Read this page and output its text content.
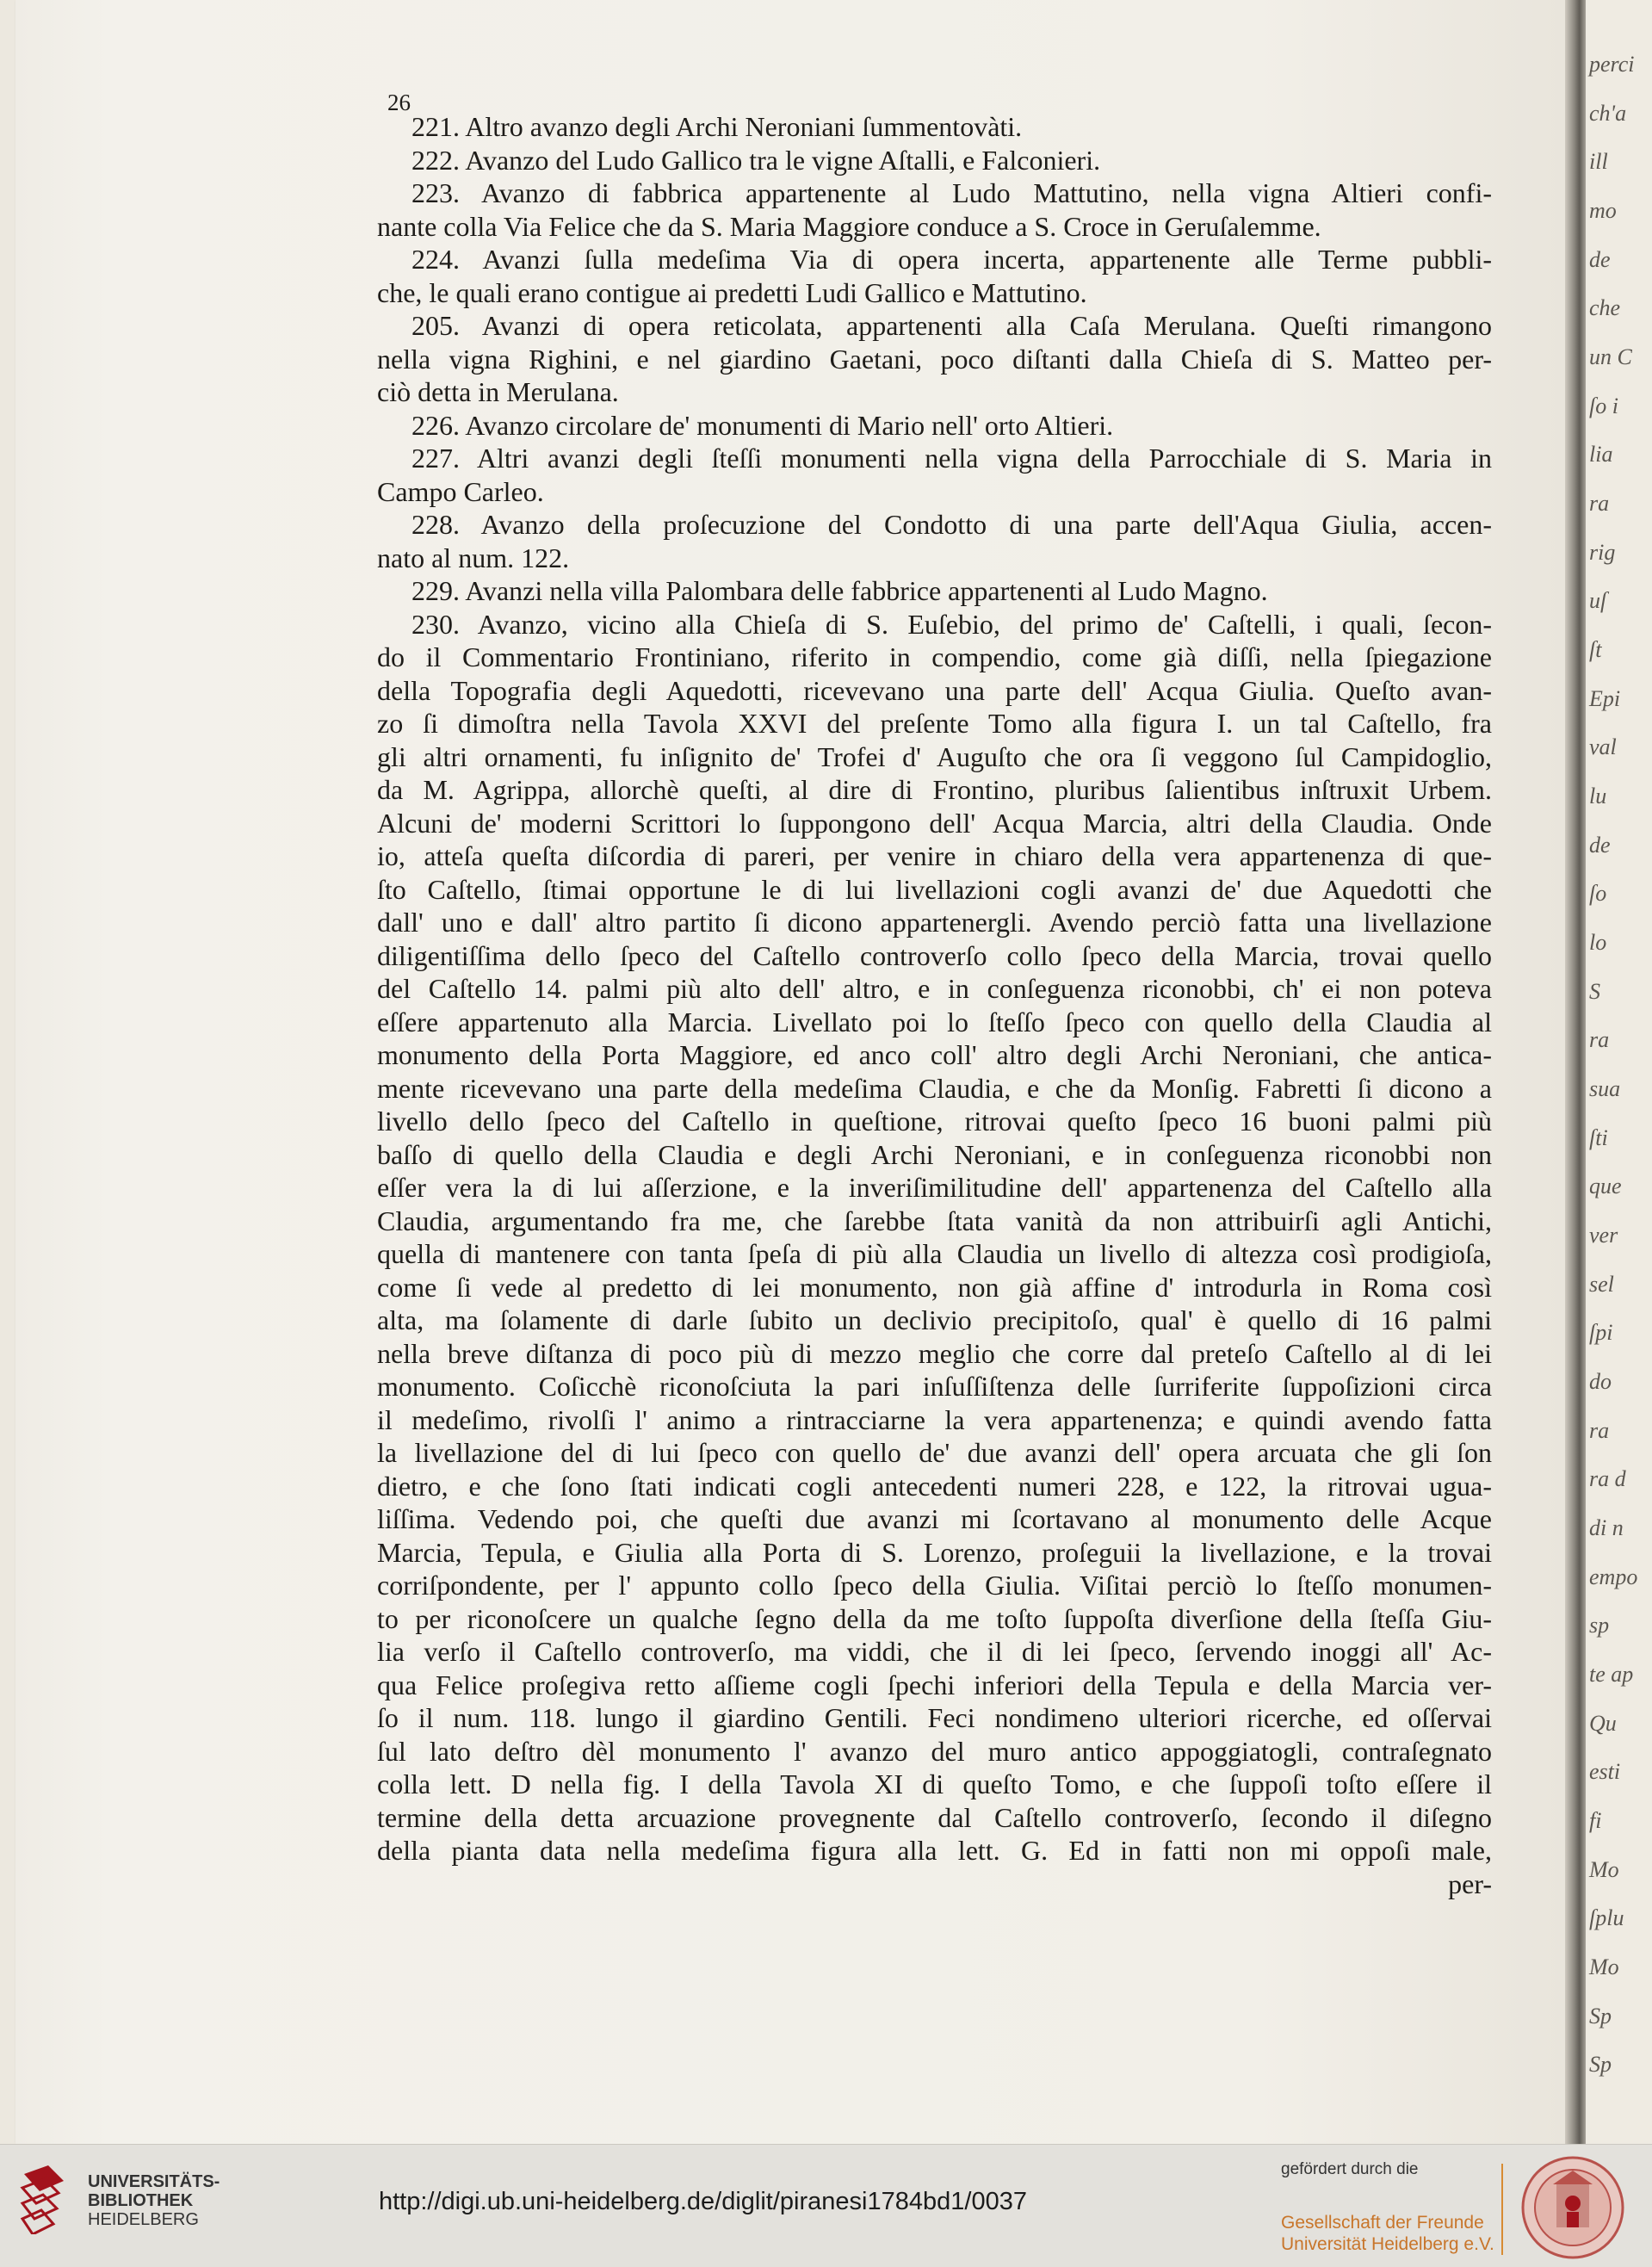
26
221. Altro avanzo degli Archi Neroniani ſummentovàti.
222. Avanzo del Ludo Gallico tra le vigne Aſtalli, e Falconieri.
223. Avanzo di fabbrica appartenente al Ludo Mattutino, nella vigna Altieri confi-
nante colla Via Felice che da S. Maria Maggiore conduce a S. Croce in Geruſalemme.
224. Avanzi ſulla medeſima Via di opera incerta, appartenente alle Terme pubbli-
che, le quali erano contigue ai predetti Ludi Gallico e Mattutino.
205. Avanzi di opera reticolata, appartenenti alla Caſa Merulana. Queſti rimangono
nella vigna Righini, e nel giardino Gaetani, poco diſtanti dalla Chieſa di S. Matteo per-
ciò detta in Merulana.
226. Avanzo circolare de' monumenti di Mario nell' orto Altieri.
227. Altri avanzi degli ſteſſi monumenti nella vigna della Parrocchiale di S. Maria in
Campo Carleo.
228. Avanzo della proſecuzione del Condotto di una parte dell'Aqua Giulia, accen-
nato al num. 122.
229. Avanzi nella villa Palombara delle fabbrice appartenenti al Ludo Magno.
230. Avanzo, vicino alla Chieſa di S. Euſebio, del primo de' Caſtelli, i quali, ſecon-
do il Commentario Frontiniano, riferito in compendio, come già diſſi, nella ſpiegazione
della Topografia degli Aquedotti, ricevevano una parte dell' Acqua Giulia. Queſto avan-
zo ſi dimoſtra nella Tavola XXVI del preſente Tomo alla figura I. un tal Caſtello, fra
gli altri ornamenti, fu inſignito de' Trofei d' Auguſto che ora ſi veggono ſul Campidoglio,
da M. Agrippa, allorchè queſti, al dire di Frontino, pluribus ſalientibus inſtruxit Urbem.
Alcuni de' moderni Scrittori lo ſuppongono dell' Acqua Marcia, altri della Claudia. Onde
io, atteſa queſta diſcordia di pareri, per venire in chiaro della vera appartenenza di que-
ſto Caſtello, ſtimai opportune le di lui livellazioni cogli avanzi de' due Aquedotti che
dall' uno e dall' altro partito ſi dicono appartenergli. Avendo perciò fatta una livellazione
diligentiſſima dello ſpeco del Caſtello controverſo collo ſpeco della Marcia, trovai quello
del Caſtello 14. palmi più alto dell' altro, e in conſeguenza riconobbi, ch' ei non poteva
eſſere appartenuto alla Marcia. Livellato poi lo ſteſſo ſpeco con quello della Claudia al
monumento della Porta Maggiore, ed anco coll' altro degli Archi Neroniani, che antica-
mente ricevevano una parte della medeſima Claudia, e che da Monſig. Fabretti ſi dicono a
livello dello ſpeco del Caſtello in queſtione, ritrovai queſto ſpeco 16 buoni palmi più
baſſo di quello della Claudia e degli Archi Neroniani, e in conſeguenza riconobbi non
eſſer vera la di lui aſſerzione, e la inveriſimilitudine dell' appartenenza del Caſtello alla
Claudia, argumentando fra me, che ſarebbe ſtata vanità da non attribuirſi agli Antichi,
quella di mantenere con tanta ſpeſa di più alla Claudia un livello di altezza così prodigioſa,
come ſi vede al predetto di lei monumento, non già affine d' introdurla in Roma così
alta, ma ſolamente di darle ſubito un declivio precipitoſo, qual' è quello di 16 palmi
nella breve diſtanza di poco più di mezzo meglio che corre dal preteſo Caſtello al di lei
monumento. Coſicchè riconoſciuta la pari inſuſſiſtenza delle ſurriferite ſuppoſizioni circa
il medeſimo, rivolſi l' animo a rintracciarne la vera appartenenza; e quindi avendo fatta
la livellazione del di lui ſpeco con quello de' due avanzi dell' opera arcuata che gli ſon
dietro, e che ſono ſtati indicati cogli antecedenti numeri 228, e 122, la ritrovai ugua-
liſſima. Vedendo poi, che queſti due avanzi mi ſcortavano al monumento delle Acque
Marcia, Tepula, e Giulia alla Porta di S. Lorenzo, proſeguii la livellazione, e la trovai
corriſpondente, per l' appunto collo ſpeco della Giulia. Viſitai perciò lo ſteſſo monumen-
to per riconoſcere un qualche ſegno della da me toſto ſuppoſta diverſione della ſteſſa Giu-
lia verſo il Caſtello controverſo, ma viddi, che il di lei ſpeco, ſervendo inoggi all' Ac-
qua Felice proſegiva retto aſſieme cogli ſpechi inferiori della Tepula e della Marcia ver-
ſo il num. 118. lungo il giardino Gentili. Feci nondimeno ulteriori ricerche, ed oſſervai
ſul lato deſtro dèl monumento l' avanzo del muro antico appoggiatogli, contraſegnato
colla lett. D nella fig. I della Tavola XI di queſto Tomo, e che ſuppoſi toſto eſſere il
termine della detta arcuazione provegnente dal Caſtello controverſo, ſecondo il diſegno
della pianta data nella medeſima figura alla lett. G. Ed in fatti non mi oppoſi male,
per-
perci
ch'a
ill
mo
de
che
un C
ſo i
lia
ra
rig
uſ
ſt
Epi
val
lu
de
ſo
lo
S
ra
sua
ſti
que
ver
sel
ſpi
do
ra
ra d
di n
empo
sp
te ap
Qu
esti
fi
Mo
ſplu
Mo
Sp
Sp
UNIVERSITÄTS-
BIBLIOTHEK
HEIDELBERG
http://digi.ub.uni-heidelberg.de/diglit/piranesi1784bd1/0037
gefördert durch die
Gesellschaft der Freunde
Universität Heidelberg e.V.
